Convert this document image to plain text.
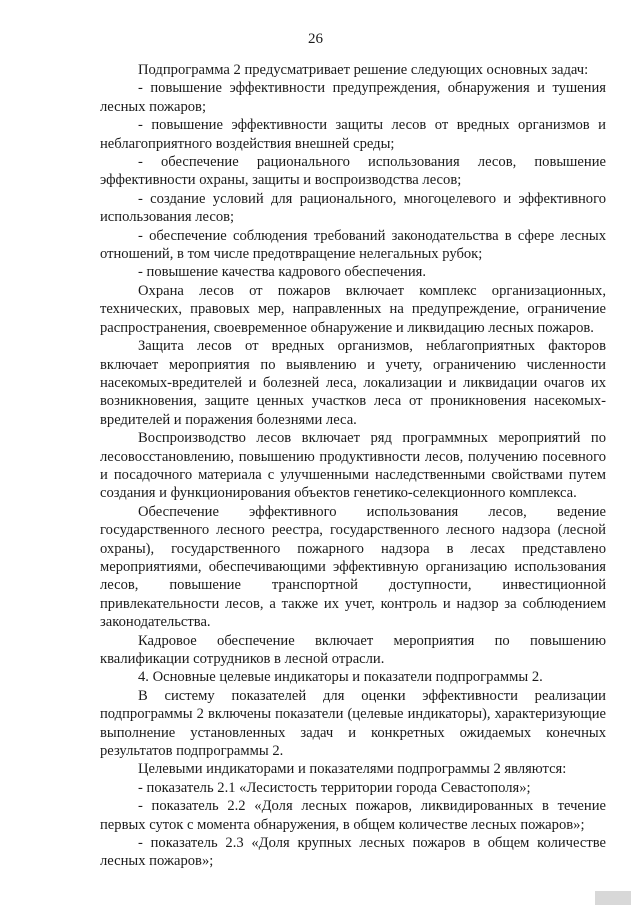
26

Подпрограмма 2 предусматривает решение следующих основных задач:

- повышение эффективности предупреждения, обнаружения и тушения лесных пожаров;

- повышение эффективности защиты лесов от вредных организмов и неблагоприятного воздействия внешней среды;

- обеспечение рационального использования лесов, повышение эффективности охраны, защиты и воспроизводства лесов;

- создание условий для рационального, многоцелевого и эффективного использования лесов;

- обеспечение соблюдения требований законодательства в сфере лесных отношений, в том числе предотвращение нелегальных рубок;

- повышение качества кадрового обеспечения.

Охрана лесов от пожаров включает комплекс организационных, технических, правовых мер, направленных на предупреждение, ограничение распространения, своевременное обнаружение и ликвидацию лесных пожаров.

Защита лесов от вредных организмов, неблагоприятных факторов включает мероприятия по выявлению и учету, ограничению численности насекомых-вредителей и болезней леса, локализации и ликвидации очагов их возникновения, защите ценных участков леса от проникновения насекомых-вредителей и поражения болезнями леса.

Воспроизводство лесов включает ряд программных мероприятий по лесовосстановлению, повышению продуктивности лесов, получению посевного и посадочного материала с улучшенными наследственными свойствами путем создания и функционирования объектов генетико-селекционного комплекса.

Обеспечение эффективного использования лесов, ведение государственного лесного реестра, государственного лесного надзора (лесной охраны), государственного пожарного надзора в лесах представлено мероприятиями, обеспечивающими эффективную организацию использования лесов, повышение транспортной доступности, инвестиционной привлекательности лесов, а также их учет, контроль и надзор за соблюдением законодательства.

Кадровое обеспечение включает мероприятия по повышению квалификации сотрудников в лесной отрасли.

4. Основные целевые индикаторы и показатели подпрограммы 2.

В систему показателей для оценки эффективности реализации подпрограммы 2 включены показатели (целевые индикаторы), характеризующие выполнение установленных задач и конкретных ожидаемых конечных результатов подпрограммы 2.

Целевыми индикаторами и показателями подпрограммы 2 являются:

- показатель 2.1 «Лесистость территории города Севастополя»;

- показатель 2.2 «Доля лесных пожаров, ликвидированных в течение первых суток с момента обнаружения, в общем количестве лесных пожаров»;

- показатель 2.3 «Доля крупных лесных пожаров в общем количестве лесных пожаров»;
